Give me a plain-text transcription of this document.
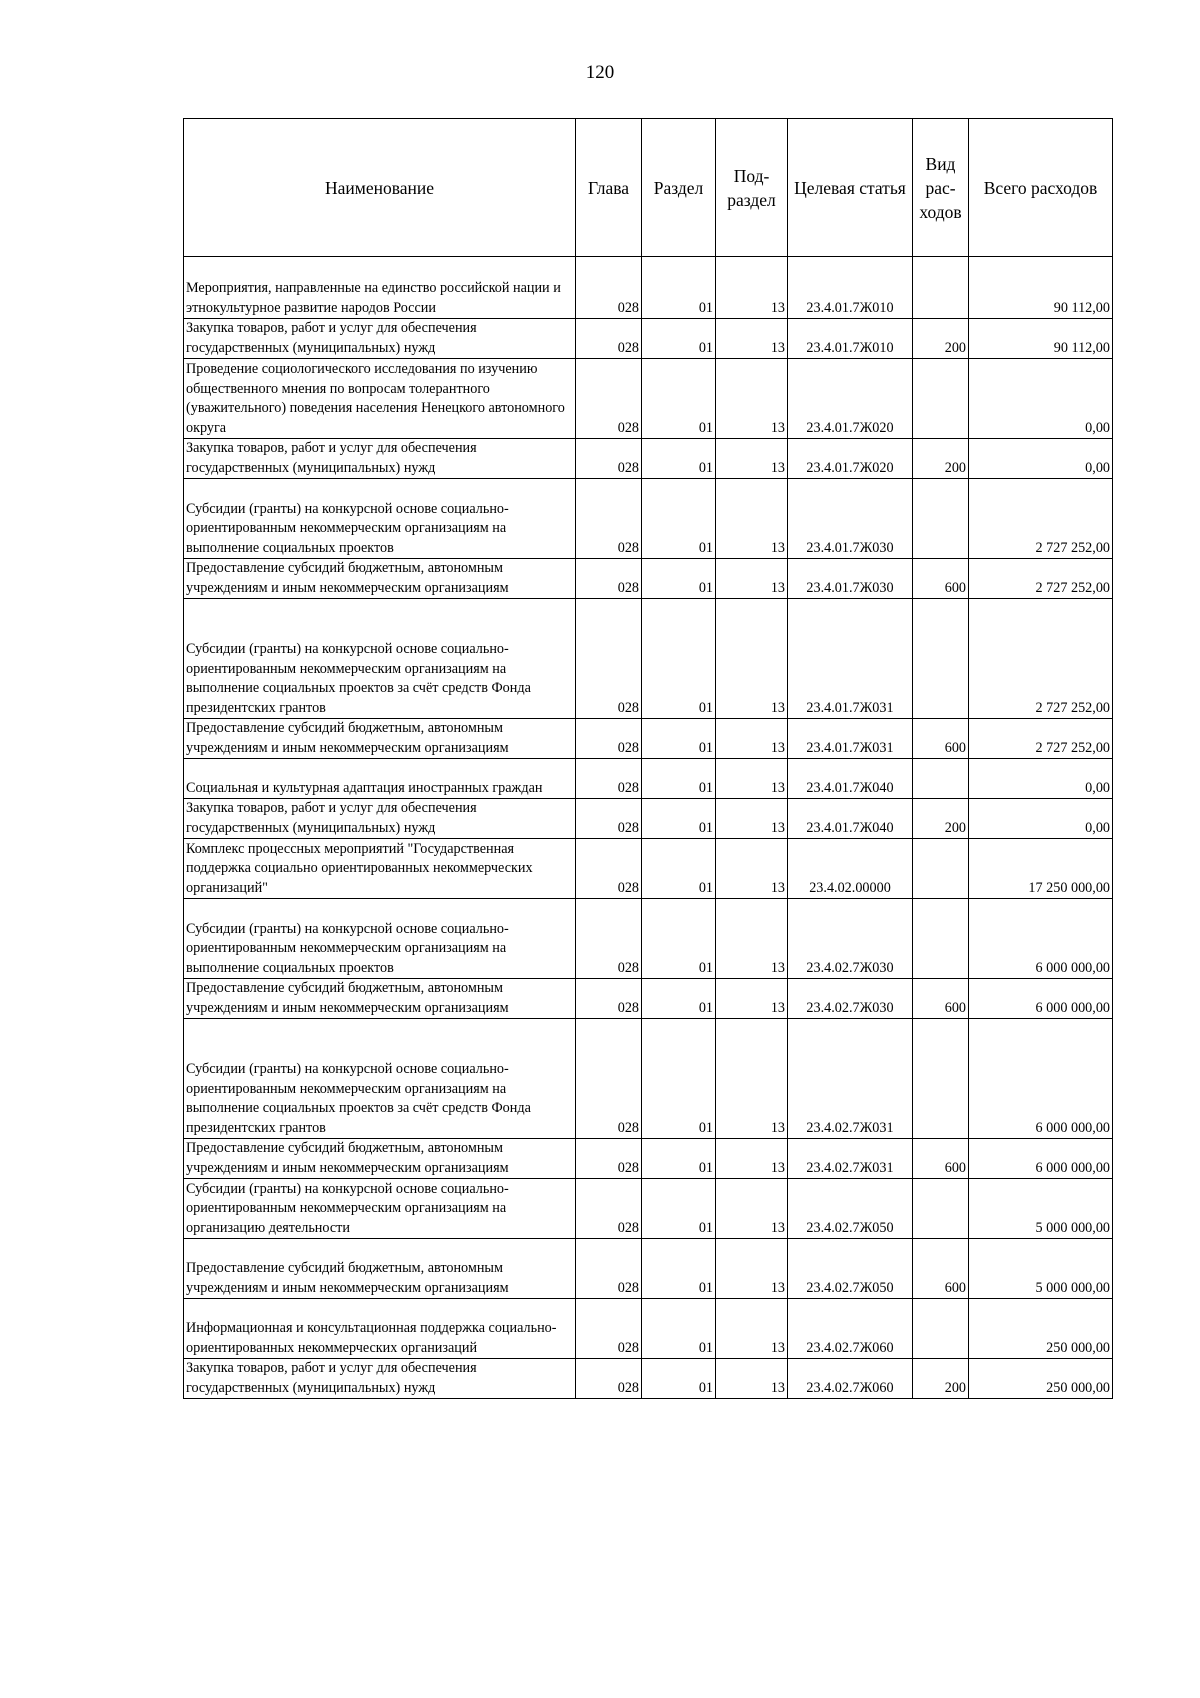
120
Наименование	Глава	Раздел	Под- раздел	Целевая статья	Вид рас- ходов	Всего расходов
Мероприятия, направленные на единство российской нации и этнокультурное развитие народов России	028	01	13	23.4.01.7Ж010		90 112,00
Закупка товаров, работ и услуг для обеспечения государственных (муниципальных) нужд	028	01	13	23.4.01.7Ж010	200	90 112,00
Проведение социологического исследования по изучению общественного мнения по вопросам толерантного (уважительного) поведения населения Ненецкого автономного округа	028	01	13	23.4.01.7Ж020		0,00
Закупка товаров, работ и услуг для обеспечения государственных (муниципальных) нужд	028	01	13	23.4.01.7Ж020	200	0,00
Субсидии (гранты) на конкурсной основе социально-ориентированным некоммерческим организациям на выполнение социальных проектов	028	01	13	23.4.01.7Ж030		2 727 252,00
Предоставление субсидий бюджетным, автономным учреждениям и иным некоммерческим организациям	028	01	13	23.4.01.7Ж030	600	2 727 252,00
Субсидии (гранты) на конкурсной основе социально-ориентированным некоммерческим организациям на выполнение социальных проектов за счёт средств Фонда президентских грантов	028	01	13	23.4.01.7Ж031		2 727 252,00
Предоставление субсидий бюджетным, автономным учреждениям и иным некоммерческим организациям	028	01	13	23.4.01.7Ж031	600	2 727 252,00
Социальная и культурная адаптация иностранных граждан	028	01	13	23.4.01.7Ж040		0,00
Закупка товаров, работ и услуг для обеспечения государственных (муниципальных) нужд	028	01	13	23.4.01.7Ж040	200	0,00
Комплекс процессных мероприятий "Государственная поддержка социально ориентированных некоммерческих организаций"	028	01	13	23.4.02.00000		17 250 000,00
Субсидии (гранты) на конкурсной основе социально-ориентированным некоммерческим организациям на выполнение социальных проектов	028	01	13	23.4.02.7Ж030		6 000 000,00
Предоставление субсидий бюджетным, автономным учреждениям и иным некоммерческим организациям	028	01	13	23.4.02.7Ж030	600	6 000 000,00
Субсидии (гранты) на конкурсной основе социально-ориентированным некоммерческим организациям на выполнение социальных проектов за счёт средств Фонда президентских грантов	028	01	13	23.4.02.7Ж031		6 000 000,00
Предоставление субсидий бюджетным, автономным учреждениям и иным некоммерческим организациям	028	01	13	23.4.02.7Ж031	600	6 000 000,00
Субсидии (гранты) на конкурсной основе социально-ориентированным некоммерческим организациям на организацию деятельности	028	01	13	23.4.02.7Ж050		5 000 000,00
Предоставление субсидий бюджетным, автономным учреждениям и иным некоммерческим организациям	028	01	13	23.4.02.7Ж050	600	5 000 000,00
Информационная и консультационная поддержка социально-ориентированных некоммерческих организаций	028	01	13	23.4.02.7Ж060		250 000,00
Закупка товаров, работ и услуг для обеспечения государственных (муниципальных) нужд	028	01	13	23.4.02.7Ж060	200	250 000,00
